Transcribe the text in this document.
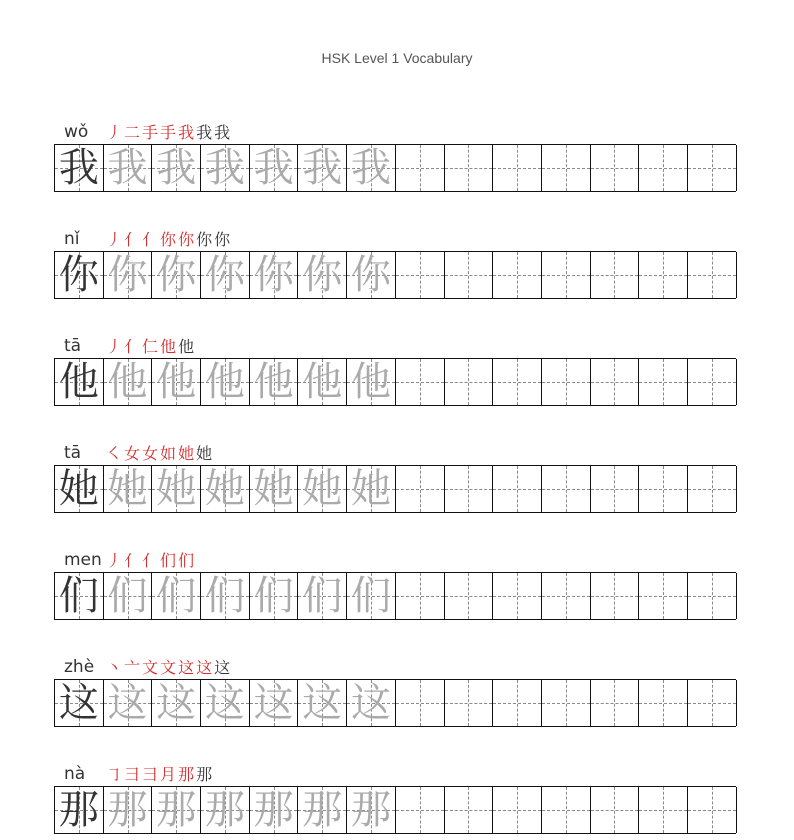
HSK Level 1 Vocabulary
wǒ	丿 二 手 手 我 我 我
我 我 我 我 我 我 我
nǐ	丿 亻 亻 你 你 你 你
你 你 你 你 你 你 你
tā	丿 亻 仁 他 他
他 他 他 他 他 他 他
tā	㇛ 女 女 如 她 她
她 她 她 她 她 她 她
men 丿 亻 亻 们 们
们 们 们 们 们 们 们
zhè 丶 亠 文 文 这 这 这
这 这 这 这 这 这 这
nà	㇆ 彐 彐 月 那 那
那 那 那 那 那 那 那
